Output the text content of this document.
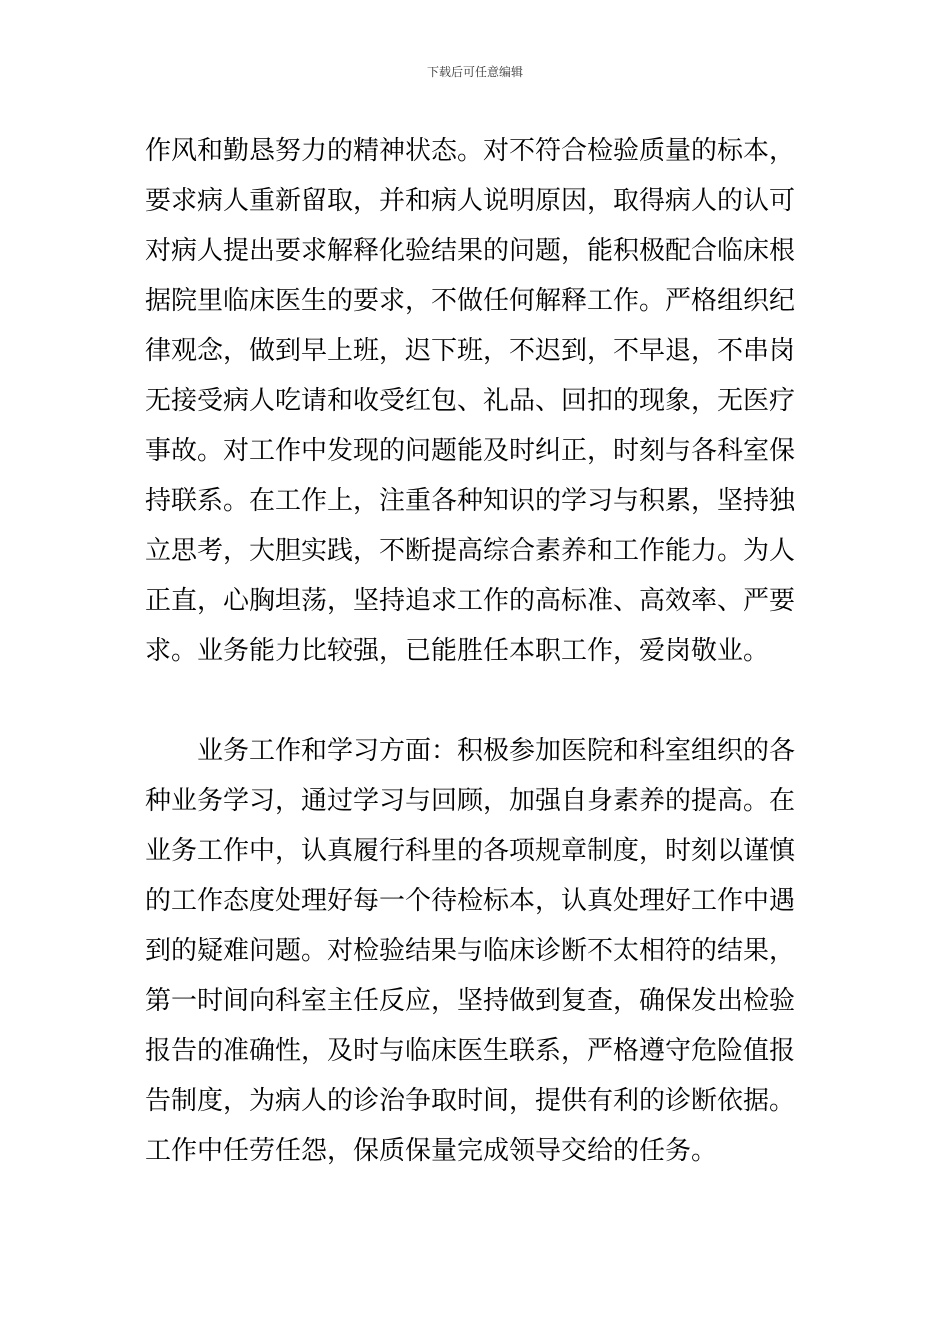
下载后可任意编辑
作风和勤恳努力的精神状态。对不符合检验质量的标本，
要求病人重新留取，并和病人说明原因，取得病人的认可
对病人提出要求解释化验结果的问题，能积极配合临床根
据院里临床医生的要求，不做任何解释工作。严格组织纪
律观念，做到早上班，迟下班，不迟到，不早退，不串岗
无接受病人吃请和收受红包、礼品、回扣的现象，无医疗
事故。对工作中发现的问题能及时纠正，时刻与各科室保
持联系。在工作上，注重各种知识的学习与积累，坚持独
立思考，大胆实践，不断提高综合素养和工作能力。为人
正直，心胸坦荡，坚持追求工作的高标准、高效率、严要
求。业务能力比较强，已能胜任本职工作，爱岗敬业。
业务工作和学习方面：积极参加医院和科室组织的各
种业务学习，通过学习与回顾，加强自身素养的提高。在
业务工作中，认真履行科里的各项规章制度，时刻以谨慎
的工作态度处理好每一个待检标本，认真处理好工作中遇
到的疑难问题。对检验结果与临床诊断不太相符的结果，
第一时间向科室主任反应，坚持做到复查，确保发出检验
报告的准确性，及时与临床医生联系，严格遵守危险值报
告制度，为病人的诊治争取时间，提供有利的诊断依据。
工作中任劳任怨，保质保量完成领导交给的任务。
